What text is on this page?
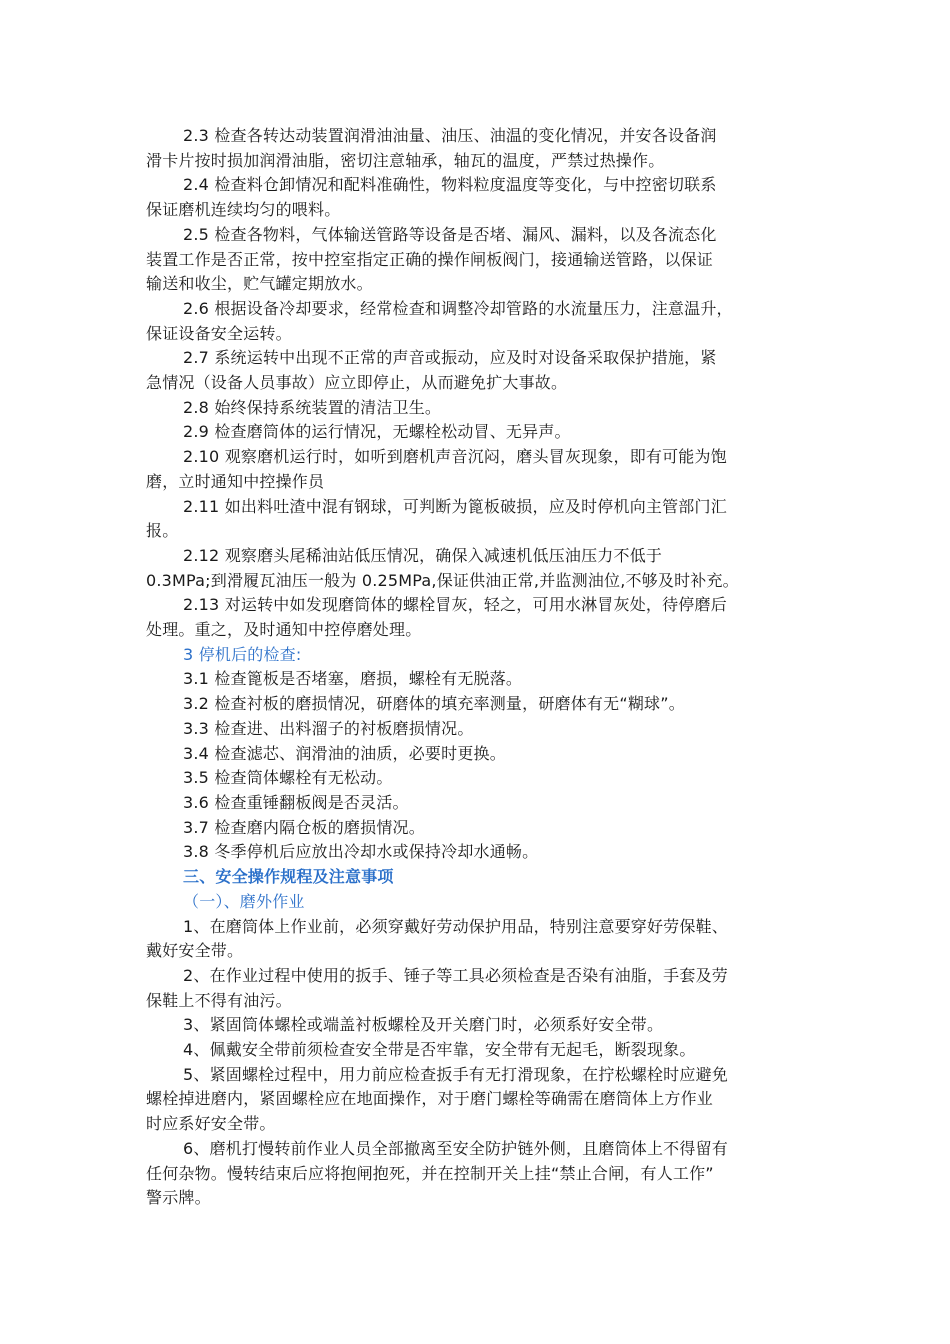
2.3 检查各转达动装置润滑油油量、油压、油温的变化情况，并安各设备润
滑卡片按时损加润滑油脂，密切注意轴承，轴瓦的温度，严禁过热操作。

2.4 检查料仓卸情况和配料准确性，物料粒度温度等变化，与中控密切联系
保证磨机连续均匀的喂料。

2.5 检查各物料，气体输送管路等设备是否堵、漏风、漏料，以及各流态化
装置工作是否正常，按中控室指定正确的操作闸板阀门，接通输送管路，以保证
输送和收尘，贮气罐定期放水。

2.6 根据设备冷却要求，经常检查和调整冷却管路的水流量压力，注意温升，
保证设备安全运转。

2.7 系统运转中出现不正常的声音或振动，应及时对设备采取保护措施，紧
急情况（设备人员事故）应立即停止，从而避免扩大事故。

2.8 始终保持系统装置的清洁卫生。

2.9 检查磨筒体的运行情况，无螺栓松动冒、无异声。

2.10 观察磨机运行时，如听到磨机声音沉闷，磨头冒灰现象，即有可能为饱
磨，立时通知中控操作员

2.11 如出料吐渣中混有钢球，可判断为篦板破损，应及时停机向主管部门汇
报。

2.12 观察磨头尾稀油站低压情况，确保入减速机低压油压力不低于
0.3MPa;到滑履瓦油压一般为 0.25MPa,保证供油正常,并监测油位,不够及时补充。

2.13 对运转中如发现磨筒体的螺栓冒灰，轻之，可用水淋冒灰处，待停磨后
处理。重之，及时通知中控停磨处理。

3 停机后的检查:

3.1 检查篦板是否堵塞，磨损，螺栓有无脱落。

3.2 检查衬板的磨损情况，研磨体的填充率测量，研磨体有无“糊球”。

3.3 检查进、出料溜子的衬板磨损情况。

3.4 检查滤芯、润滑油的油质，必要时更换。

3.5 检查筒体螺栓有无松动。

3.6 检查重锤翻板阀是否灵活。

3.7 检查磨内隔仓板的磨损情况。

3.8 冬季停机后应放出冷却水或保持冷却水通畅。

三、安全操作规程及注意事项

（一）、磨外作业

1、在磨筒体上作业前，必须穿戴好劳动保护用品，特别注意要穿好劳保鞋、
戴好安全带。

2、在作业过程中使用的扳手、锤子等工具必须检查是否染有油脂，手套及劳
保鞋上不得有油污。

3、紧固筒体螺栓或端盖衬板螺栓及开关磨门时，必须系好安全带。

4、佩戴安全带前须检查安全带是否牢靠，安全带有无起毛，断裂现象。

5、紧固螺栓过程中，用力前应检查扳手有无打滑现象，在拧松螺栓时应避免
螺栓掉进磨内，紧固螺栓应在地面操作，对于磨门螺栓等确需在磨筒体上方作业
时应系好安全带。

6、磨机打慢转前作业人员全部撤离至安全防护链外侧，且磨筒体上不得留有
任何杂物。慢转结束后应将抱闸抱死，并在控制开关上挂“禁止合闸，有人工作”
警示牌。
